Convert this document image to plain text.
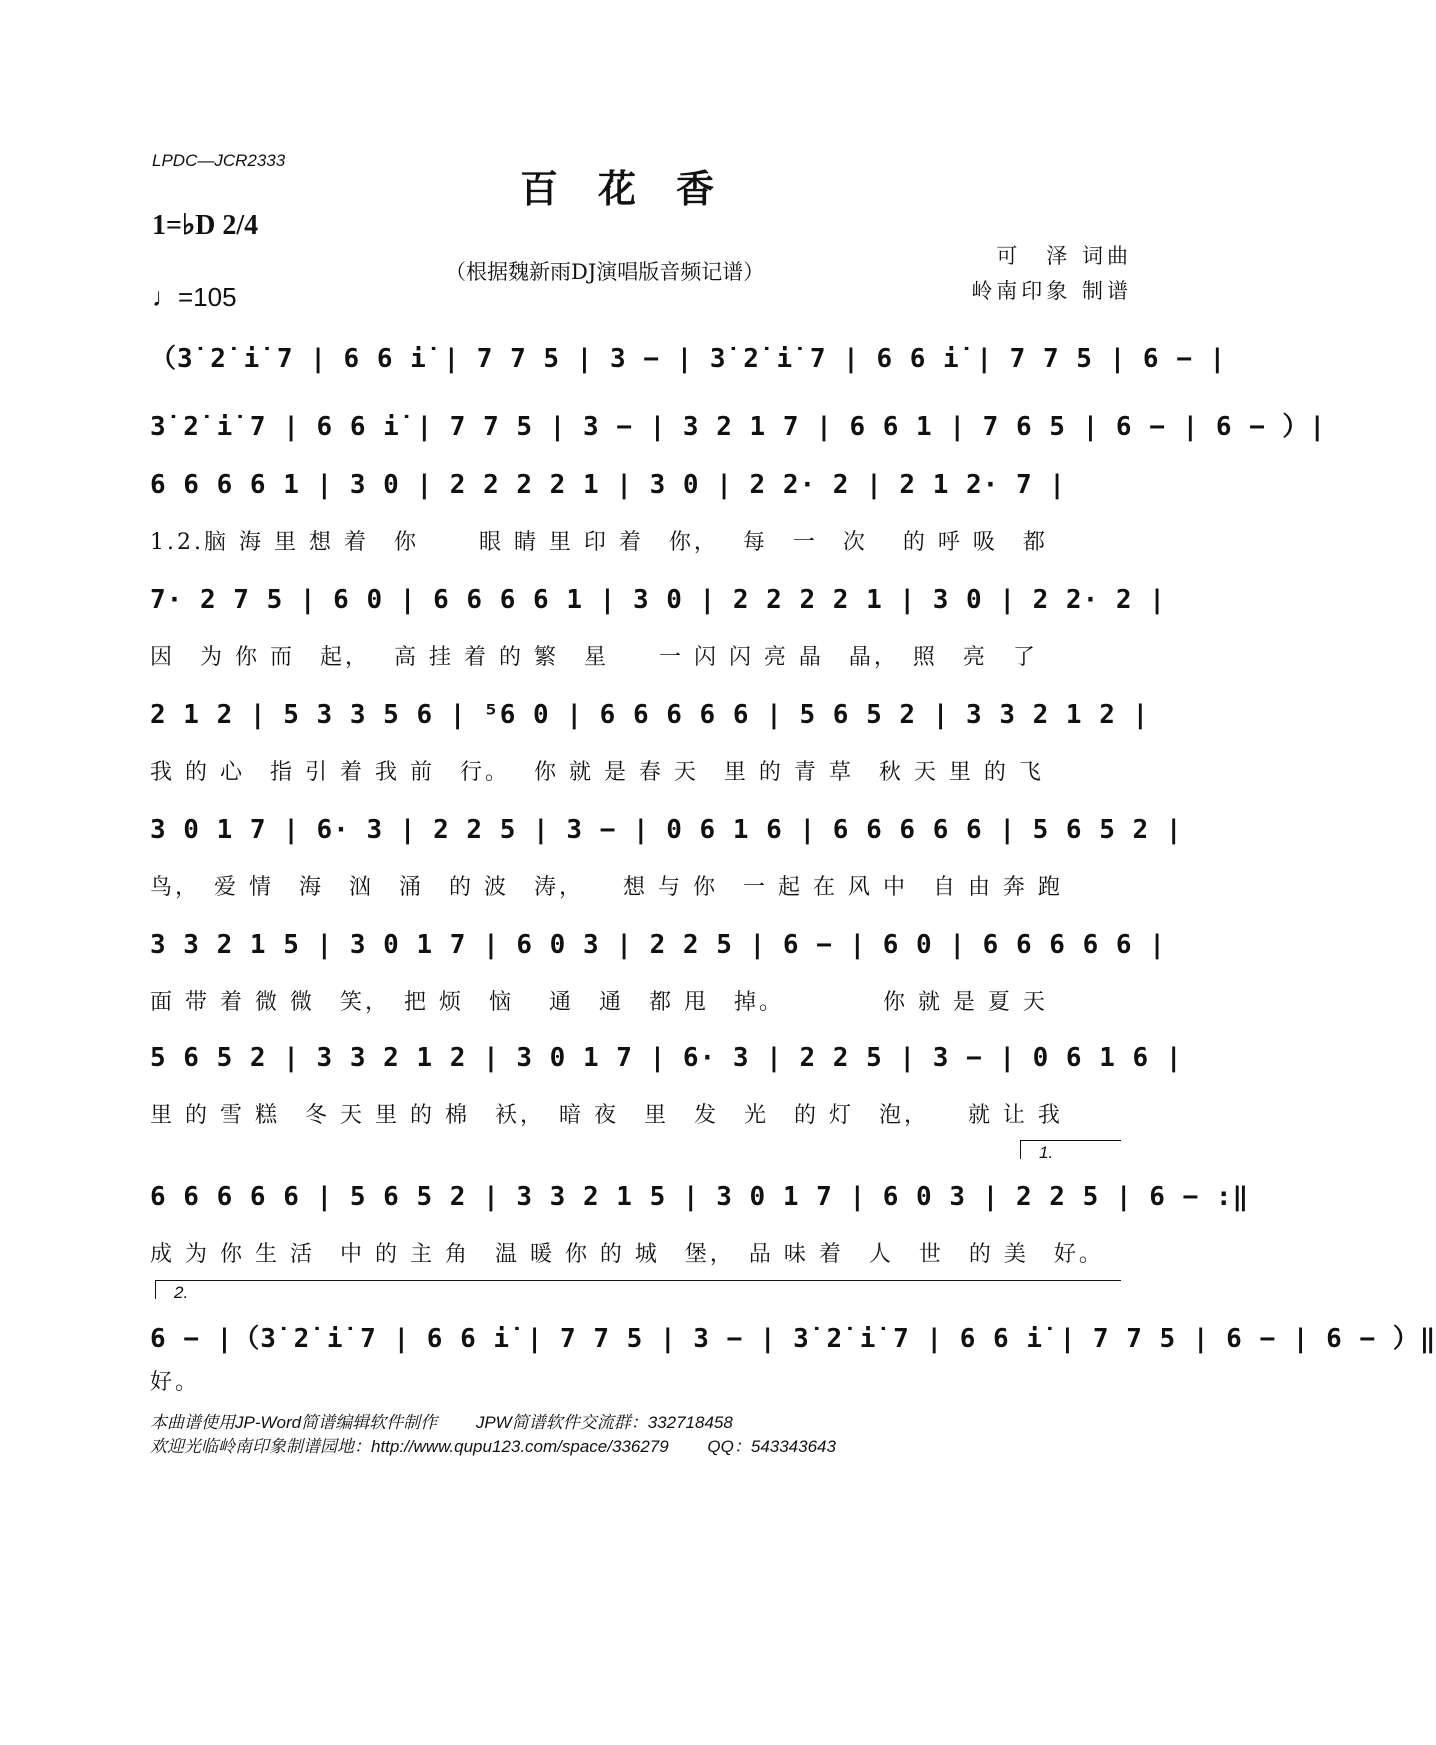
LPDC—JCR2333
百花香
1=♭D 2/4
♩=105
（根据魏新雨DJ演唱版音频记谱）
可　泽 词曲
岭南印象 制谱
（3̇ 2̇ i̇ 7 | 6 6 i̇ | 7 7 5 | 3 − | 3̇ 2̇ i̇ 7 | 6 6 i̇ | 7 7 5 | 6 − |
3̇ 2̇ i̇ 7 | 6 6 i̇ | 7 7 5 | 3 − | 3 2 1 7 | 6 6 1 | 7 6 5 | 6 − | 6 − ）|
6 6 6 6 1 | 3 0 | 2 2 2 2 1 | 3 0 | 2 2· 2 | 2 1 2· 7 |
1.2.脑 海 里 想 着　你　　 眼 睛 里 印 着　你，　 每　一　次　 的 呼 吸　都
7· 2 7 5 | 6 0 | 6 6 6 6 1 | 3 0 | 2 2 2 2 1 | 3 0 | 2 2· 2 |
因　为 你 而　起，　 高 挂 着 的 繁　星　　一 闪 闪 亮 晶　晶，　照　亮　了
2 1 2 | 5 3 3 5 6 | ⁵6 0 | 6 6 6 6 6 | 5 6 5 2 | 3 3 2 1 2 |
我 的 心　指 引 着 我 前　行。　 你 就 是 春 天　里 的 青 草　秋 天 里 的 飞
3 0 1 7 | 6· 3 | 2 2 5 | 3 − | 0 6 1 6 | 6 6 6 6 6 | 5 6 5 2 |
鸟，　爱 情　海　汹　涌　的 波　涛，　　想 与 你　一 起 在 风 中　自 由 奔 跑
3 3 2 1 5 | 3 0 1 7 | 6 0 3 | 2 2 5 | 6 − | 6 0 | 6 6 6 6 6 |
面 带 着 微 微　笑，　把 烦　恼　 通　通　都 甩　掉。　　　　 你 就 是 夏 天
5 6 5 2 | 3 3 2 1 2 | 3 0 1 7 | 6· 3 | 2 2 5 | 3 − | 0 6 1 6 |
里 的 雪 糕　冬 天 里 的 棉　袄，　暗 夜　里　发　光　的 灯　泡，　　就 让 我
1.
6 6 6 6 6 | 5 6 5 2 | 3 3 2 1 5 | 3 0 1 7 | 6 0 3 | 2 2 5 | 6 − :‖
成 为 你 生 活　中 的 主 角　温 暖 你 的 城　堡，　品 味 着　人　世　的 美　好。
2.
6 − |（3̇ 2̇ i̇ 7 | 6 6 i̇ | 7 7 5 | 3 − | 3̇ 2̇ i̇ 7 | 6 6 i̇ | 7 7 5 | 6 − | 6 − ）‖
好。
本曲谱使用JP-Word简谱编辑软件制作　　 JPW简谱软件交流群：332718458
欢迎光临岭南印象制谱园地：http://www.qupu123.com/space/336279　　 QQ：543343643
